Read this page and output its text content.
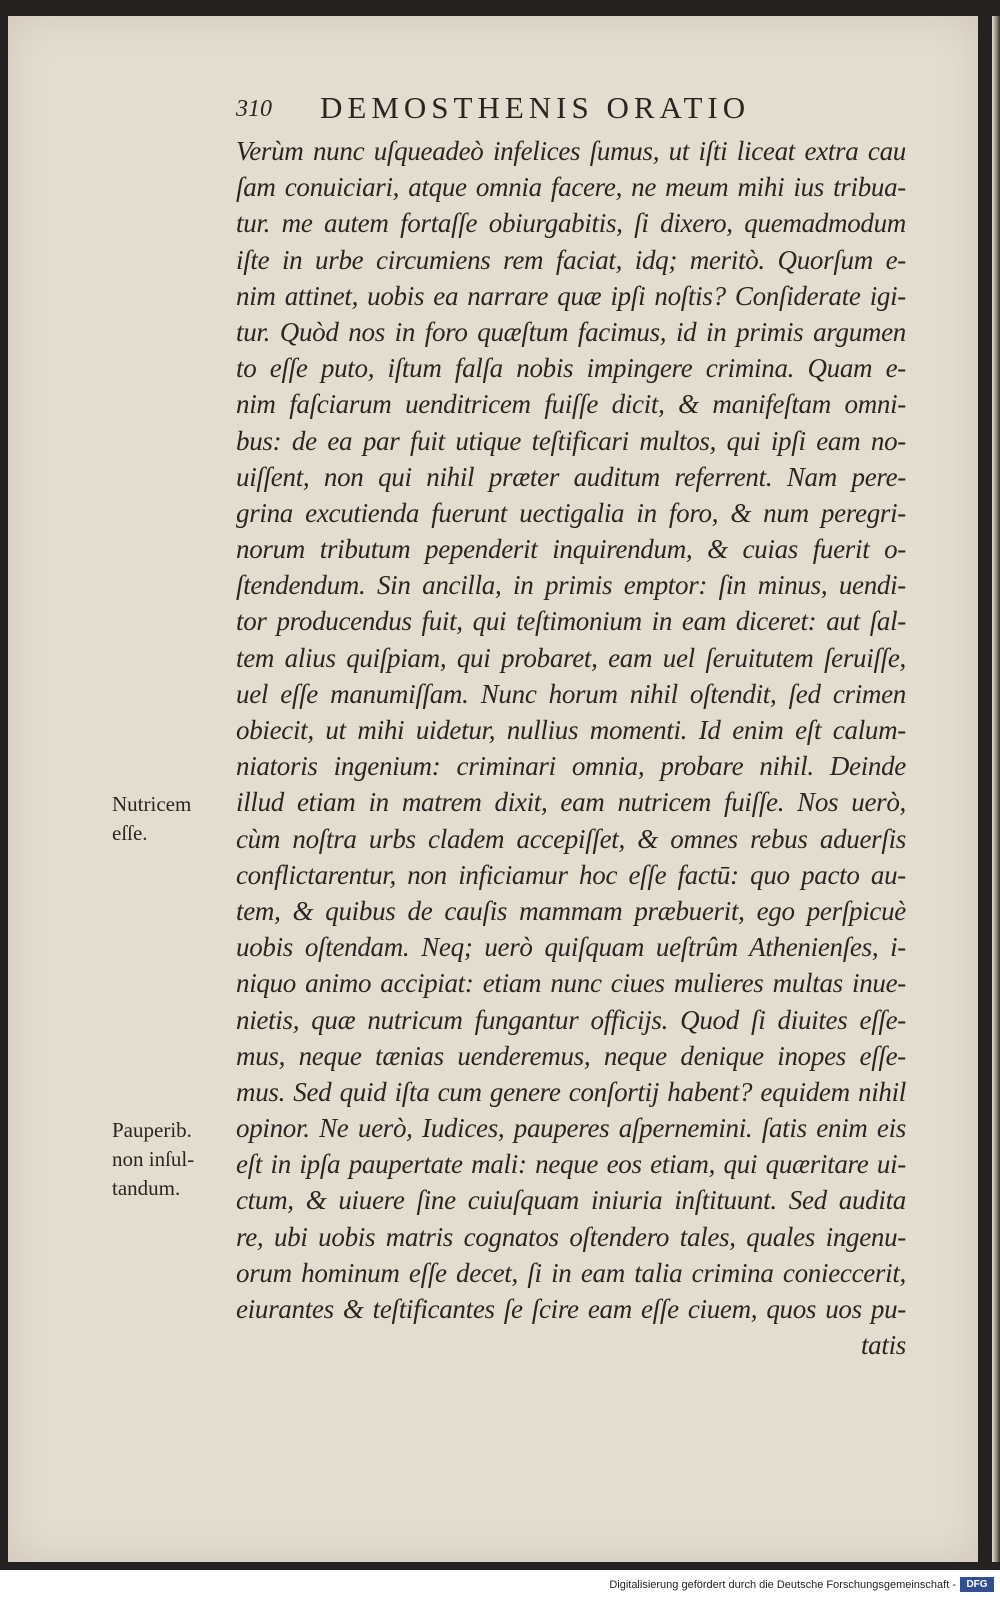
310 DEMOSTHENIS ORATIO
Verùm nunc uſqueadeò infelices ſumus, ut iſti liceat extra cau
ſam conuiciari, atque omnia facere, ne meum mihi ius tribua-
tur. me autem fortaſſe obiurgabitis, ſi dixero, quemadmodum
iſte in urbe circumiens rem faciat, idq; meritò. Quorſum e-
nim attinet, uobis ea narrare quæ ipſi noſtis? Conſiderate igi-
tur. Quòd nos in foro quæſtum facimus, id in primis argumen
to eſſe puto, iſtum falſa nobis impingere crimina. Quam e-
nim faſciarum uenditricem fuiſſe dicit, & manifeſtam omni-
bus: de ea par fuit utique teſtificari multos, qui ipſi eam no-
uiſſent, non qui nihil præter auditum referrent. Nam pere-
grina excutienda fuerunt uectigalia in foro, & num peregri-
norum tributum pependerit inquirendum, & cuias fuerit o-
ſtendendum. Sin ancilla, in primis emptor: ſin minus, uendi-
tor producendus fuit, qui teſtimonium in eam diceret: aut ſal-
tem alius quiſpiam, qui probaret, eam uel ſeruitutem ſeruiſſe,
uel eſſe manumiſſam. Nunc horum nihil oſtendit, ſed crimen
obiecit, ut mihi uidetur, nullius momenti. Id enim eſt calum-
niatoris ingenium: criminari omnia, probare nihil. Deinde
illud etiam in matrem dixit, eam nutricem fuiſſe. Nos uerò,
cùm noſtra urbs cladem accepiſſet, & omnes rebus aduerſis
conflictarentur, non inficiamur hoc eſſe factū: quo pacto au-
tem, & quibus de cauſis mammam præbuerit, ego perſpicuè
uobis oſtendam. Neq; uerò quiſquam ueſtrûm Athenienſes, i-
niquo animo accipiat: etiam nunc ciues mulieres multas inue-
nietis, quæ nutricum fungantur officijs. Quod ſi diuites eſſe-
mus, neque tænias uenderemus, neque denique inopes eſſe-
mus. Sed quid iſta cum genere conſortij habent? equidem nihil
opinor. Ne uerò, Iudices, pauperes aſpernemini. ſatis enim eis
eſt in ipſa paupertate mali: neque eos etiam, qui quæritare ui-
ctum, & uiuere ſine cuiuſquam iniuria inſtituunt. Sed audita
re, ubi uobis matris cognatos oſtendero tales, quales ingenu-
orum hominum eſſe decet, ſi in eam talia crimina conieccerit,
eiurantes & teſtificantes ſe ſcire eam eſſe ciuem, quos uos pu-
tatis
Nutricem
eſſe.
Pauperib.
non inſul-
tandum.
Digitalisierung gefördert durch die Deutsche Forschungsgemeinschaft -	DFG
